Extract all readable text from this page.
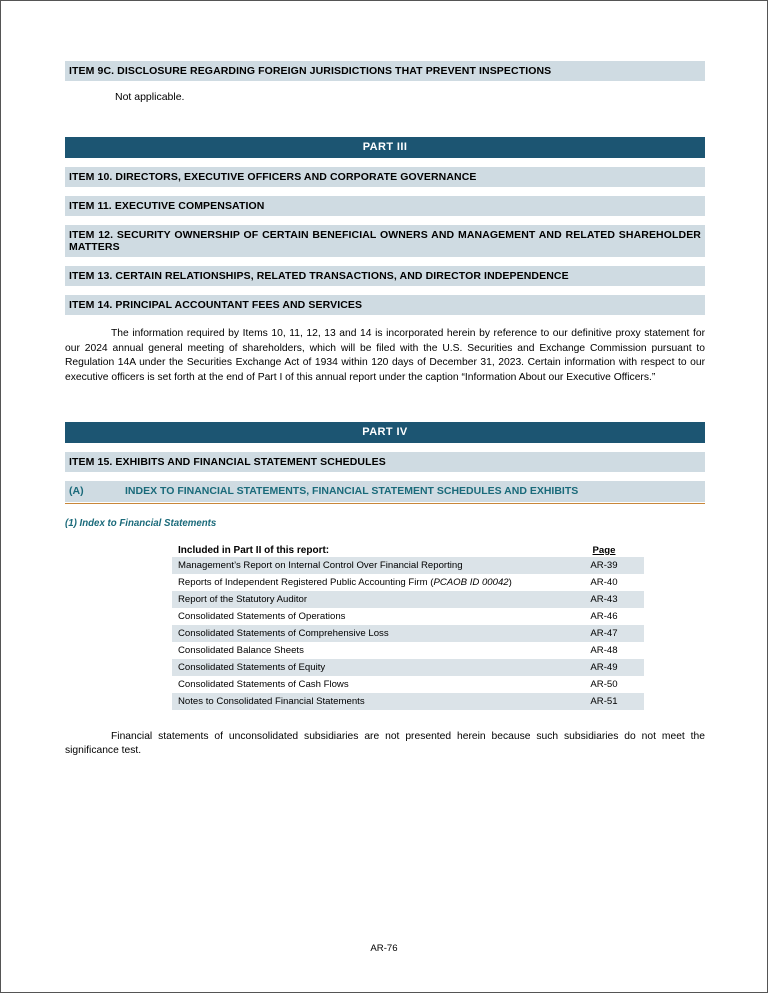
ITEM 9C. DISCLOSURE REGARDING FOREIGN JURISDICTIONS THAT PREVENT INSPECTIONS
Not applicable.
PART III
ITEM 10. DIRECTORS, EXECUTIVE OFFICERS AND CORPORATE GOVERNANCE
ITEM 11. EXECUTIVE COMPENSATION
ITEM 12. SECURITY OWNERSHIP OF CERTAIN BENEFICIAL OWNERS AND MANAGEMENT AND RELATED SHAREHOLDER MATTERS
ITEM 13. CERTAIN RELATIONSHIPS, RELATED TRANSACTIONS, AND DIRECTOR INDEPENDENCE
ITEM 14. PRINCIPAL ACCOUNTANT FEES AND SERVICES

The information required by Items 10, 11, 12, 13 and 14 is incorporated herein by reference to our definitive proxy statement for our 2024 annual general meeting of shareholders, which will be filed with the U.S. Securities and Exchange Commission pursuant to Regulation 14A under the Securities Exchange Act of 1934 within 120 days of December 31, 2023. Certain information with respect to our executive officers is set forth at the end of Part I of this annual report under the caption “Information About our Executive Officers.”

PART IV
ITEM 15. EXHIBITS AND FINANCIAL STATEMENT SCHEDULES
(A)	INDEX TO FINANCIAL STATEMENTS, FINANCIAL STATEMENT SCHEDULES AND EXHIBITS
(1) Index to Financial Statements
Included in Part II of this report:	Page
Management’s Report on Internal Control Over Financial Reporting	AR-39
Reports of Independent Registered Public Accounting Firm (PCAOB ID 00042)	AR-40
Report of the Statutory Auditor	AR-43
Consolidated Statements of Operations	AR-46
Consolidated Statements of Comprehensive Loss	AR-47
Consolidated Balance Sheets	AR-48
Consolidated Statements of Equity	AR-49
Consolidated Statements of Cash Flows	AR-50
Notes to Consolidated Financial Statements	AR-51

Financial statements of unconsolidated subsidiaries are not presented herein because such subsidiaries do not meet the significance test.

AR-76
